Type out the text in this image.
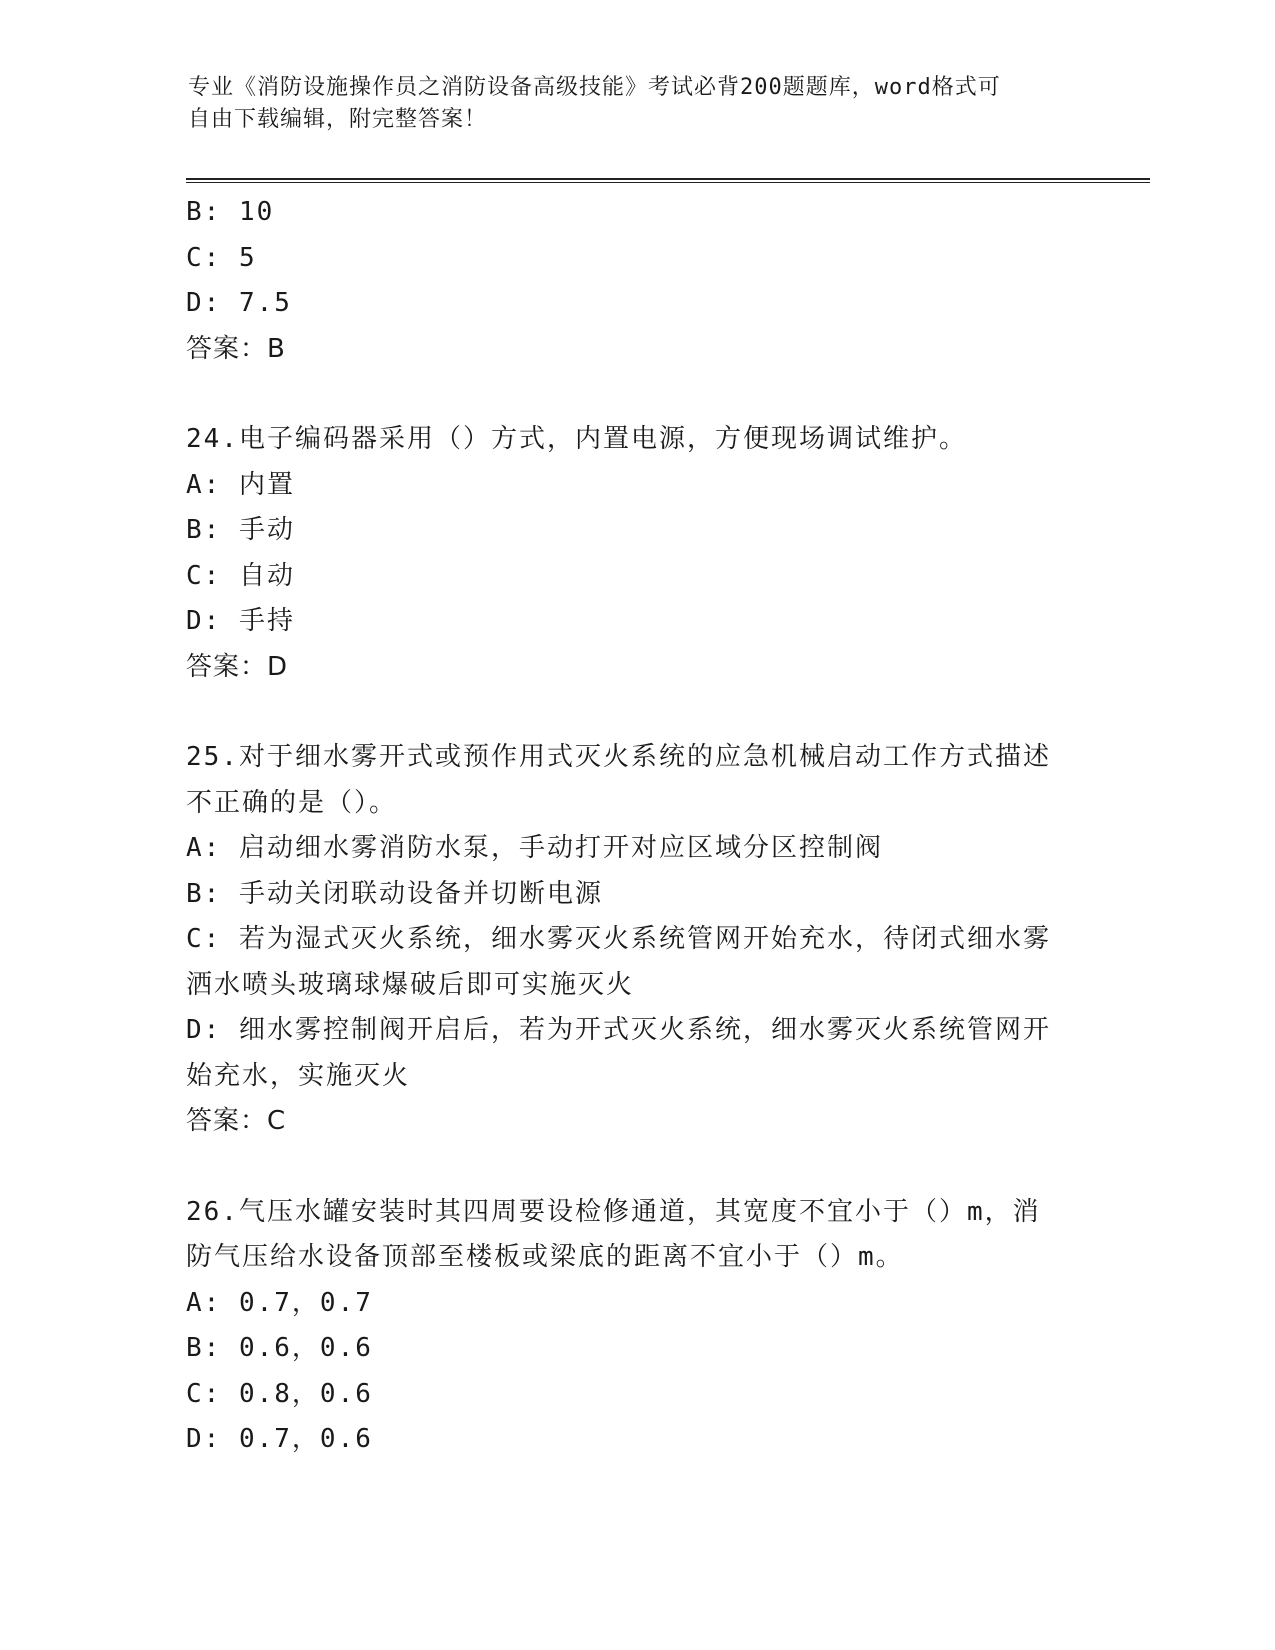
专业《消防设施操作员之消防设备高级技能》考试必背200题题库，word格式可
自由下载编辑，附完整答案！
B: 10
C: 5
D: 7.5
答案：B
24.电子编码器采用（）方式，内置电源，方便现场调试维护。
A: 内置
B: 手动
C: 自动
D: 手持
答案：D
25.对于细水雾开式或预作用式灭火系统的应急机械启动工作方式描述
不正确的是（）。
A: 启动细水雾消防水泵，手动打开对应区域分区控制阀
B: 手动关闭联动设备并切断电源
C: 若为湿式灭火系统，细水雾灭火系统管网开始充水，待闭式细水雾
洒水喷头玻璃球爆破后即可实施灭火
D: 细水雾控制阀开启后，若为开式灭火系统，细水雾灭火系统管网开
始充水，实施灭火
答案：C
26.气压水罐安装时其四周要设检修通道，其宽度不宜小于（）m，消
防气压给水设备顶部至楼板或梁底的距离不宜小于（）m。
A: 0.7，0.7
B: 0.6，0.6
C: 0.8，0.6
D: 0.7，0.6
